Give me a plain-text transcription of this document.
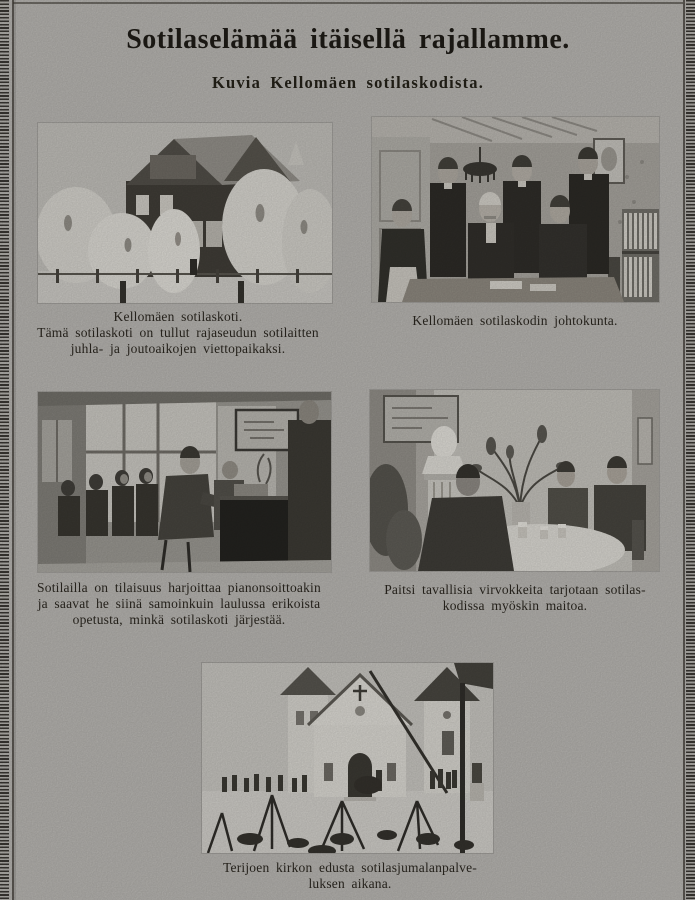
Sotilaselämää itäisellä rajallamme.
Kuvia Kellomäen sotilaskodista.
Kellomäen sotilaskoti.
Tämä sotilaskoti on tullut rajaseudun sotilaitten
juhla- ja joutoaikojen viettopaikaksi.
Kellomäen sotilaskodin johtokunta.
Sotilailla on tilaisuus harjoittaa pianonsoittoakin
ja saavat he siinä samoinkuin laulussa erikoista
opetusta, minkä sotilaskoti järjestää.
Paitsi tavallisia virvokkeita tarjotaan sotilas-
kodissa myöskin maitoa.
Terijoen kirkon edusta sotilasjumalanpalve-
luksen aikana.
